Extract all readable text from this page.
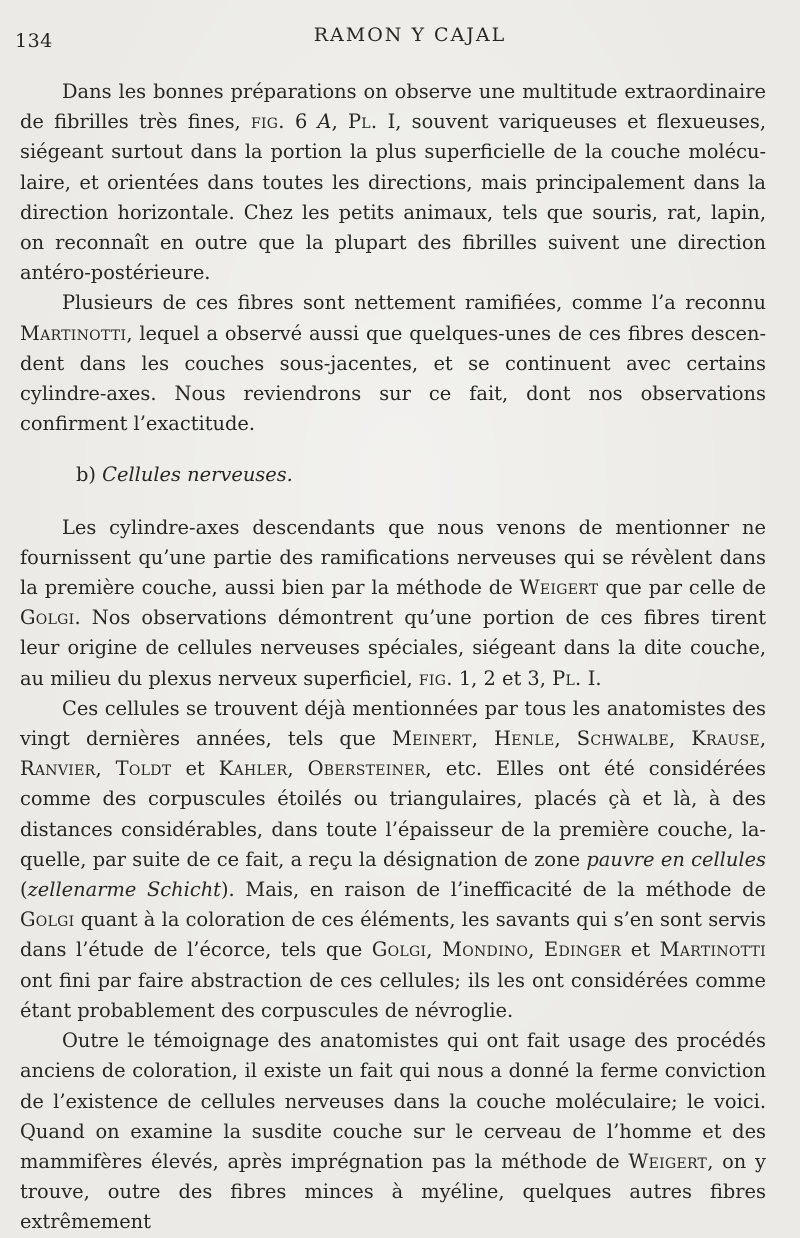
134	RAMON Y CAJAL

Dans les bonnes préparations on observe une multitude extraordinaire de fibrilles très fines, fig. 6 A, Pl. I, souvent variqueuses et flexueuses, siégeant surtout dans la portion la plus superficielle de la couche molécu-laire, et orientées dans toutes les directions, mais principalement dans la direction horizontale. Chez les petits animaux, tels que souris, rat, lapin, on reconnaît en outre que la plupart des fibrilles suivent une direction antéro-postérieure.

Plusieurs de ces fibres sont nettement ramifiées, comme l’a reconnu Martinotti, lequel a observé aussi que quelques-unes de ces fibres descen-dent dans les couches sous-jacentes, et se continuent avec certains cylindre-axes. Nous reviendrons sur ce fait, dont nos observations confirment l’exactitude.

b) Cellules nerveuses.

Les cylindre-axes descendants que nous venons de mentionner ne fournissent qu’une partie des ramifications nerveuses qui se révèlent dans la première couche, aussi bien par la méthode de Weigert que par celle de Golgi. Nos observations démontrent qu’une portion de ces fibres tirent leur origine de cellules nerveuses spéciales, siégeant dans la dite couche, au milieu du plexus nerveux superficiel, fig. 1, 2 et 3, Pl. I.

Ces cellules se trouvent déjà mentionnées par tous les anatomistes des vingt dernières années, tels que Meinert, Henle, Schwalbe, Krause, Ranvier, Toldt et Kahler, Obersteiner, etc. Elles ont été considérées comme des corpuscules étoilés ou triangulaires, placés çà et là, à des distances considérables, dans toute l’épaisseur de la première couche, la-quelle, par suite de ce fait, a reçu la désignation de zone pauvre en cellules (zellenarme Schicht). Mais, en raison de l’inefficacité de la méthode de Golgi quant à la coloration de ces éléments, les savants qui s’en sont servis dans l’étude de l’écorce, tels que Golgi, Mondino, Edinger et Martinotti ont fini par faire abstraction de ces cellules; ils les ont considérées comme étant probablement des corpuscules de névroglie.

Outre le témoignage des anatomistes qui ont fait usage des procédés anciens de coloration, il existe un fait qui nous a donné la ferme conviction de l’existence de cellules nerveuses dans la couche moléculaire; le voici. Quand on examine la susdite couche sur le cerveau de l’homme et des mammifères élevés, après imprégnation pas la méthode de Weigert, on y trouve, outre des fibres minces à myéline, quelques autres fibres extrêmement
